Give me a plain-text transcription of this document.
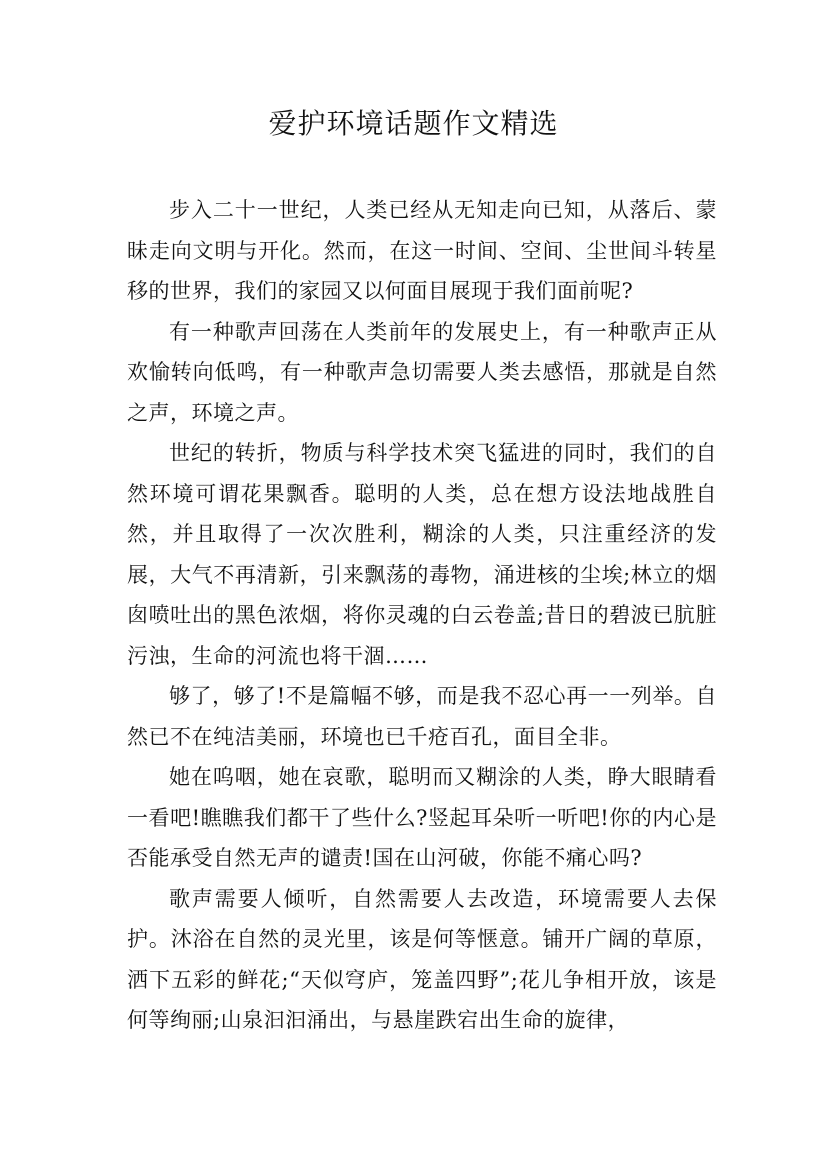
爱护环境话题作文精选

步入二十一世纪，人类已经从无知走向已知，从落后、蒙昧走向文明与开化。然而，在这一时间、空间、尘世间斗转星移的世界，我们的家园又以何面目展现于我们面前呢?

有一种歌声回荡在人类前年的发展史上，有一种歌声正从欢愉转向低鸣，有一种歌声急切需要人类去感悟，那就是自然之声，环境之声。

世纪的转折，物质与科学技术突飞猛进的同时，我们的自然环境可谓花果飘香。聪明的人类，总在想方设法地战胜自然，并且取得了一次次胜利，糊涂的人类，只注重经济的发展，大气不再清新，引来飘荡的毒物，涌进核的尘埃;林立的烟囱喷吐出的黑色浓烟，将你灵魂的白云卷盖;昔日的碧波已肮脏污浊，生命的河流也将干涸……

够了，够了!不是篇幅不够，而是我不忍心再一一列举。自然已不在纯洁美丽，环境也已千疮百孔，面目全非。

她在呜咽，她在哀歌，聪明而又糊涂的人类，睁大眼睛看一看吧!瞧瞧我们都干了些什么?竖起耳朵听一听吧!你的内心是否能承受自然无声的谴责!国在山河破，你能不痛心吗?

歌声需要人倾听，自然需要人去改造，环境需要人去保护。沐浴在自然的灵光里，该是何等惬意。铺开广阔的草原，洒下五彩的鲜花;“天似穹庐，笼盖四野”;花儿争相开放，该是何等绚丽;山泉汩汩涌出，与悬崖跌宕出生命的旋律，
